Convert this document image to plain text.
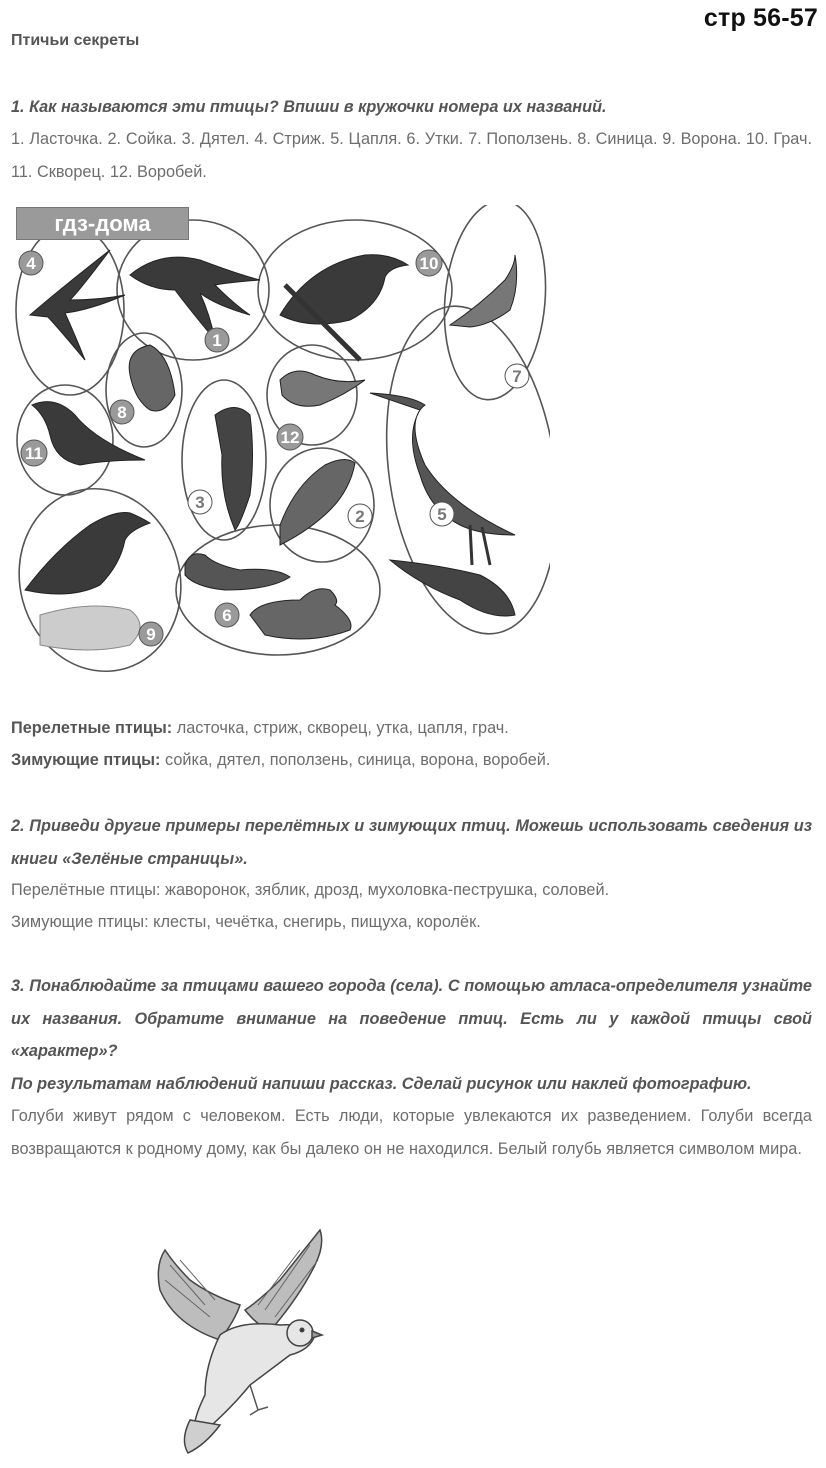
стр 56-57
Птичьи секреты
1. Как называются эти птицы? Впиши в кружочки номера их названий.
1. Ласточка. 2. Сойка. 3. Дятел. 4. Стриж. 5. Цапля. 6. Утки. 7. Поползень. 8. Синица. 9. Ворона. 10. Грач. 11. Скворец. 12. Воробей.
4
1
10
7
8
12
11
3
5
2
9
6
гдз-дома
Перелетные птицы: ласточка, стриж, скворец, утка, цапля, грач.
Зимующие птицы: сойка, дятел, поползень, синица, ворона, воробей.
2. Приведи другие примеры перелётных и зимующих птиц. Можешь использовать сведения из книги «Зелёные страницы».
Перелётные птицы: жаворонок, зяблик, дрозд, мухоловка-пеструшка, соловей.
Зимующие птицы: клесты, чечётка, снегирь, пищуха, королёк.
3. Понаблюдайте за птицами вашего города (села). С помощью атласа-определителя узнайте их названия. Обратите внимание на поведение птиц. Есть ли у каждой птицы свой «характер»?
По результатам наблюдений напиши рассказ. Сделай рисунок или наклей фотографию.
Голуби живут рядом с человеком. Есть люди, которые увлекаются их разведением. Голуби всегда возвращаются к родному дому, как бы далеко он не находился. Белый голубь является символом мира.
